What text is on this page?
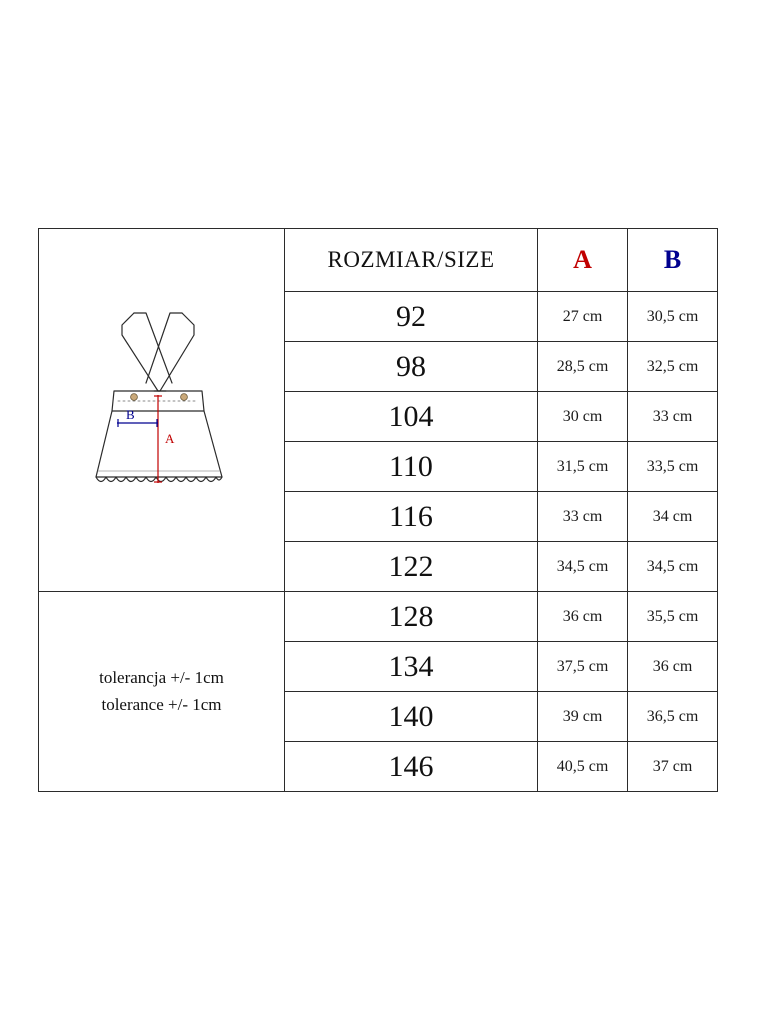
A
B	ROZMIAR/SIZE	A	B
	92	27 cm	30,5 cm
	98	28,5 cm	32,5 cm
	104	30 cm	33 cm
	110	31,5 cm	33,5 cm
	116	33 cm	34 cm
	122	34,5 cm	34,5 cm

tolerancja +/- 1cm
tolerance +/- 1cm	128	36 cm	35,5 cm
	134	37,5 cm	36 cm
	140	39 cm	36,5 cm
	146	40,5 cm	37 cm
